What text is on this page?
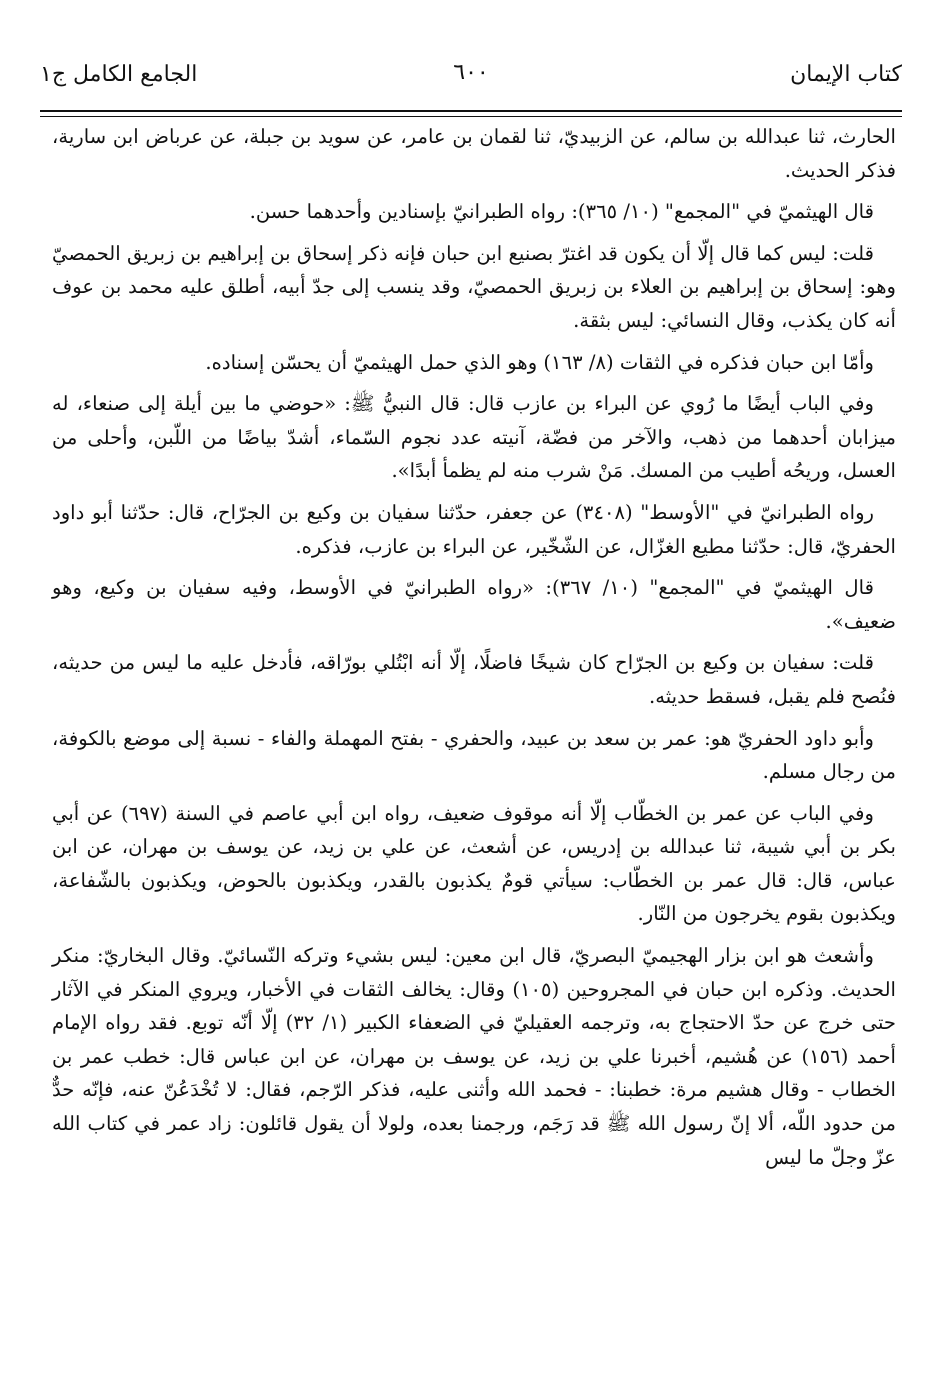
كتاب الإيمان
٦٠٠
الجامع الكامل ج١

الحارث، ثنا عبدالله بن سالم، عن الزبيديّ، ثنا لقمان بن عامر، عن سويد بن جبلة، عن عرباض ابن سارية، فذكر الحديث.

قال الهيثميّ في "المجمع" (١٠/ ٣٦٥): رواه الطبرانيّ بإسنادين وأحدهما حسن.

قلت: ليس كما قال إلّا أن يكون قد اغترّ بصنيع ابن حبان فإنه ذكر إسحاق بن إبراهيم بن زبريق الحمصيّ وهو: إسحاق بن إبراهيم بن العلاء بن زبريق الحمصيّ، وقد ينسب إلى جدّ أبيه، أطلق عليه محمد بن عوف أنه كان يكذب، وقال النسائي: ليس بثقة.

وأمّا ابن حبان فذكره في الثقات (٨/ ١٦٣) وهو الذي حمل الهيثميّ أن يحسّن إسناده.

وفي الباب أيضًا ما رُوي عن البراء بن عازب قال: قال النبيُّ ﷺ: «حوضي ما بين أيلة إلى صنعاء، له ميزابان أحدهما من ذهب، والآخر من فضّة، آنيته عدد نجوم السّماء، أشدّ بياضًا من اللّبن، وأحلى من العسل، وريحُه أطيب من المسك. مَنْ شرب منه لم يظمأ أبدًا».

رواه الطبرانيّ في "الأوسط" (٣٤٠٨) عن جعفر، حدّثنا سفيان بن وكيع بن الجرّاح، قال: حدّثنا أبو داود الحفريّ، قال: حدّثنا مطيع الغزّال، عن الشّخّير، عن البراء بن عازب، فذكره.

قال الهيثميّ في "المجمع" (١٠/ ٣٦٧): «رواه الطبرانيّ في الأوسط، وفيه سفيان بن وكيع، وهو ضعيف».

قلت: سفيان بن وكيع بن الجرّاح كان شيخًا فاضلًا، إلّا أنه ابْتُلي بورّاقه، فأدخل عليه ما ليس من حديثه، فنُصح فلم يقبل، فسقط حديثه.

وأبو داود الحفريّ هو: عمر بن سعد بن عبيد، والحفري - بفتح المهملة والفاء - نسبة إلى موضع بالكوفة، من رجال مسلم.

وفي الباب عن عمر بن الخطّاب إلّا أنه موقوف ضعيف، رواه ابن أبي عاصم في السنة (٦٩٧) عن أبي بكر بن أبي شيبة، ثنا عبدالله بن إدريس، عن أشعث، عن علي بن زيد، عن يوسف بن مهران، عن ابن عباس، قال: قال عمر بن الخطّاب: سيأتي قومٌ يكذبون بالقدر، ويكذبون بالحوض، ويكذبون بالشّفاعة، ويكذبون بقوم يخرجون من النّار.

وأشعث هو ابن بزار الهجيميّ البصريّ، قال ابن معين: ليس بشيء وتركه النّسائيّ. وقال البخاريّ: منكر الحديث. وذكره ابن حبان في المجروحين (١٠٥) وقال: يخالف الثقات في الأخبار، ويروي المنكر في الآثار حتى خرج عن حدّ الاحتجاج به، وترجمه العقيليّ في الضعفاء الكبير (١/ ٣٢) إلّا أنّه توبع. فقد رواه الإمام أحمد (١٥٦) عن هُشيم، أخبرنا علي بن زيد، عن يوسف بن مهران، عن ابن عباس قال: خطب عمر بن الخطاب - وقال هشيم مرة: خطبنا: - فحمد الله وأثنى عليه، فذكر الرّجم، فقال: لا تُخْدَعُنّ عنه، فإنّه حدٌّ من حدود اللّه، ألا إنّ رسول الله ﷺ قد رَجَم، ورجمنا بعده، ولولا أن يقول قائلون: زاد عمر في كتاب الله عزّ وجلّ ما ليس
